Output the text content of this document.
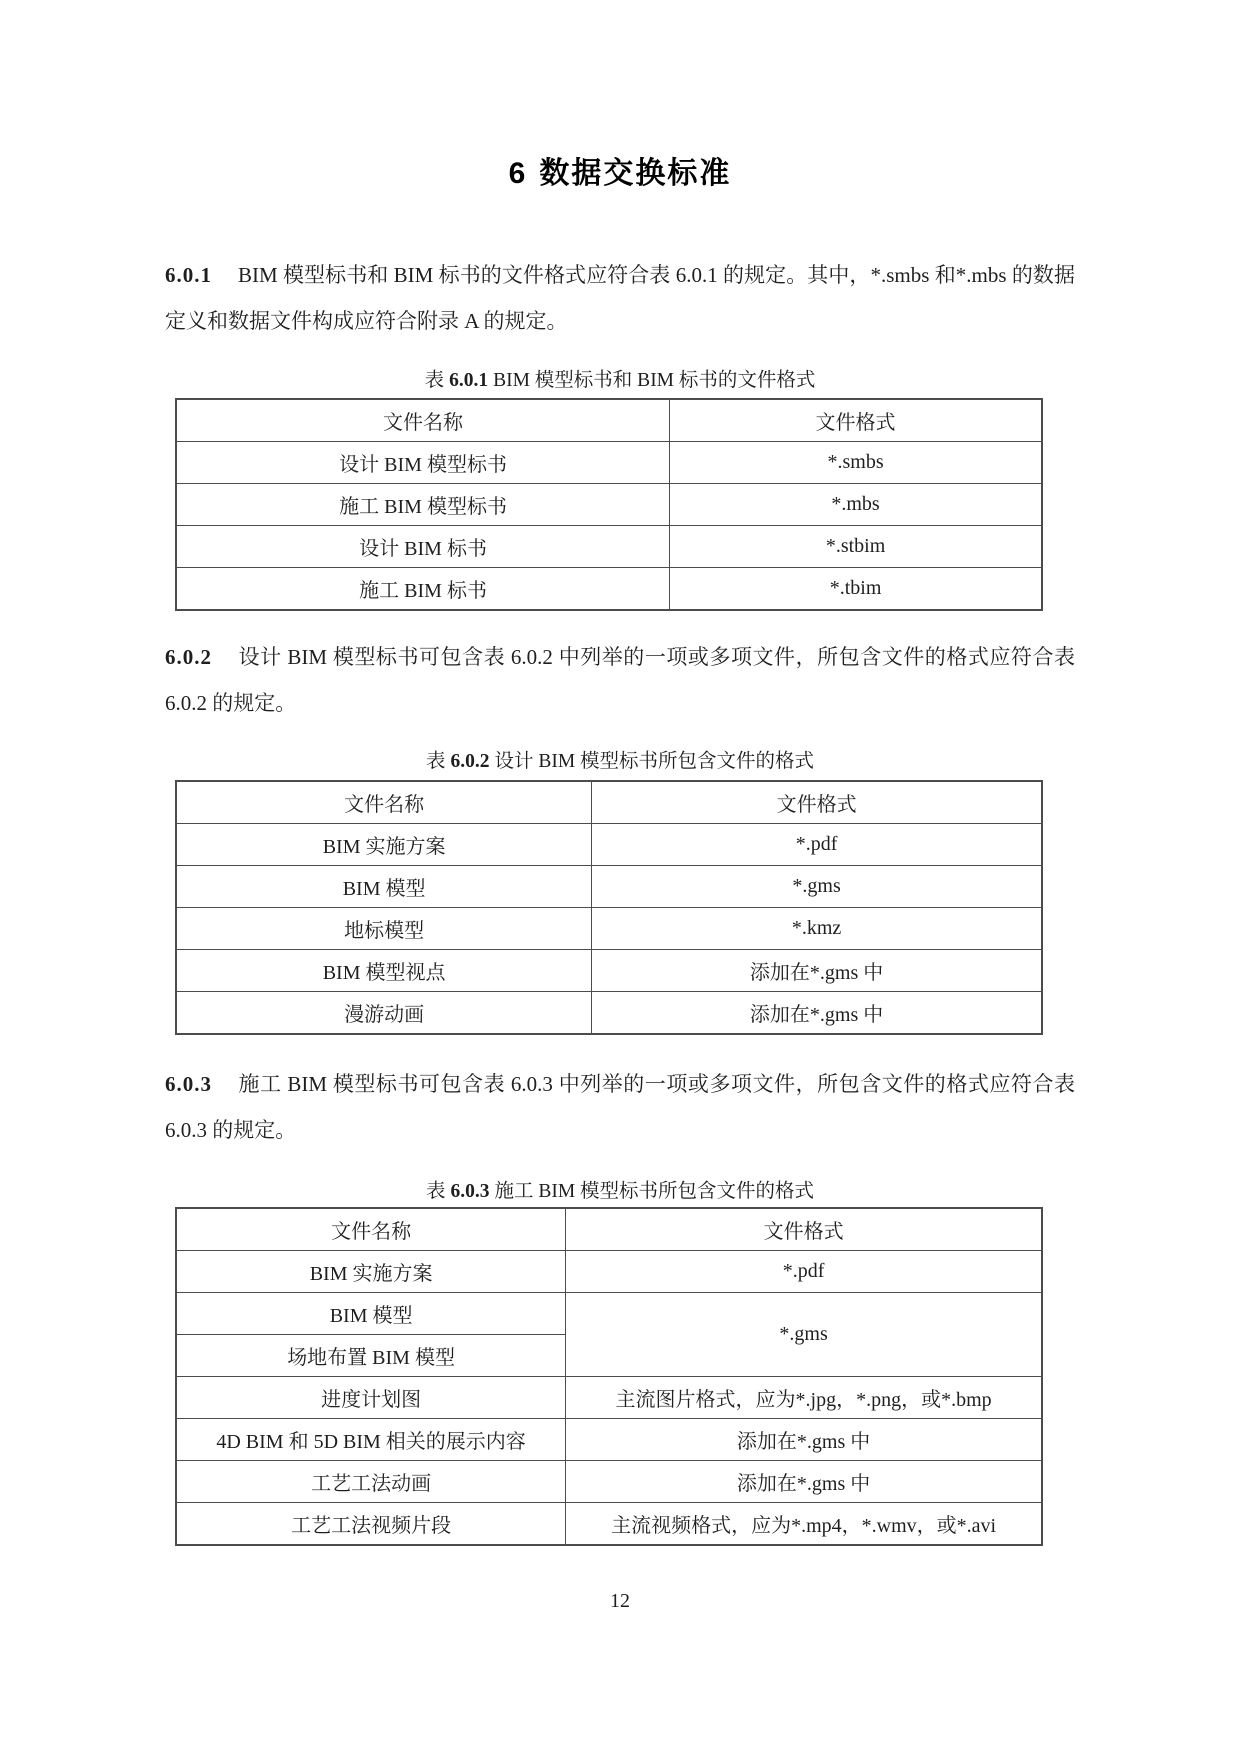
6 数据交换标准

6.0.1 BIM 模型标书和 BIM 标书的文件格式应符合表 6.0.1 的规定。其中，*.smbs 和*.mbs 的数据定义和数据文件构成应符合附录 A 的规定。

表 6.0.1 BIM 模型标书和 BIM 标书的文件格式
文件名称	文件格式
设计 BIM 模型标书	*.smbs
施工 BIM 模型标书	*.mbs
设计 BIM 标书	*.stbim
施工 BIM 标书	*.tbim

6.0.2 设计 BIM 模型标书可包含表 6.0.2 中列举的一项或多项文件，所包含文件的格式应符合表 6.0.2 的规定。

表 6.0.2 设计 BIM 模型标书所包含文件的格式
文件名称	文件格式
BIM 实施方案	*.pdf
BIM 模型	*.gms
地标模型	*.kmz
BIM 模型视点	添加在*.gms 中
漫游动画	添加在*.gms 中

6.0.3 施工 BIM 模型标书可包含表 6.0.3 中列举的一项或多项文件，所包含文件的格式应符合表 6.0.3 的规定。

表 6.0.3 施工 BIM 模型标书所包含文件的格式
文件名称	文件格式
BIM 实施方案	*.pdf
BIM 模型	*.gms
场地布置 BIM 模型	
进度计划图	主流图片格式，应为*.jpg，*.png，或*.bmp
4D BIM 和 5D BIM 相关的展示内容	添加在*.gms 中
工艺工法动画	添加在*.gms 中
工艺工法视频片段	主流视频格式，应为*.mp4，*.wmv，或*.avi
12
